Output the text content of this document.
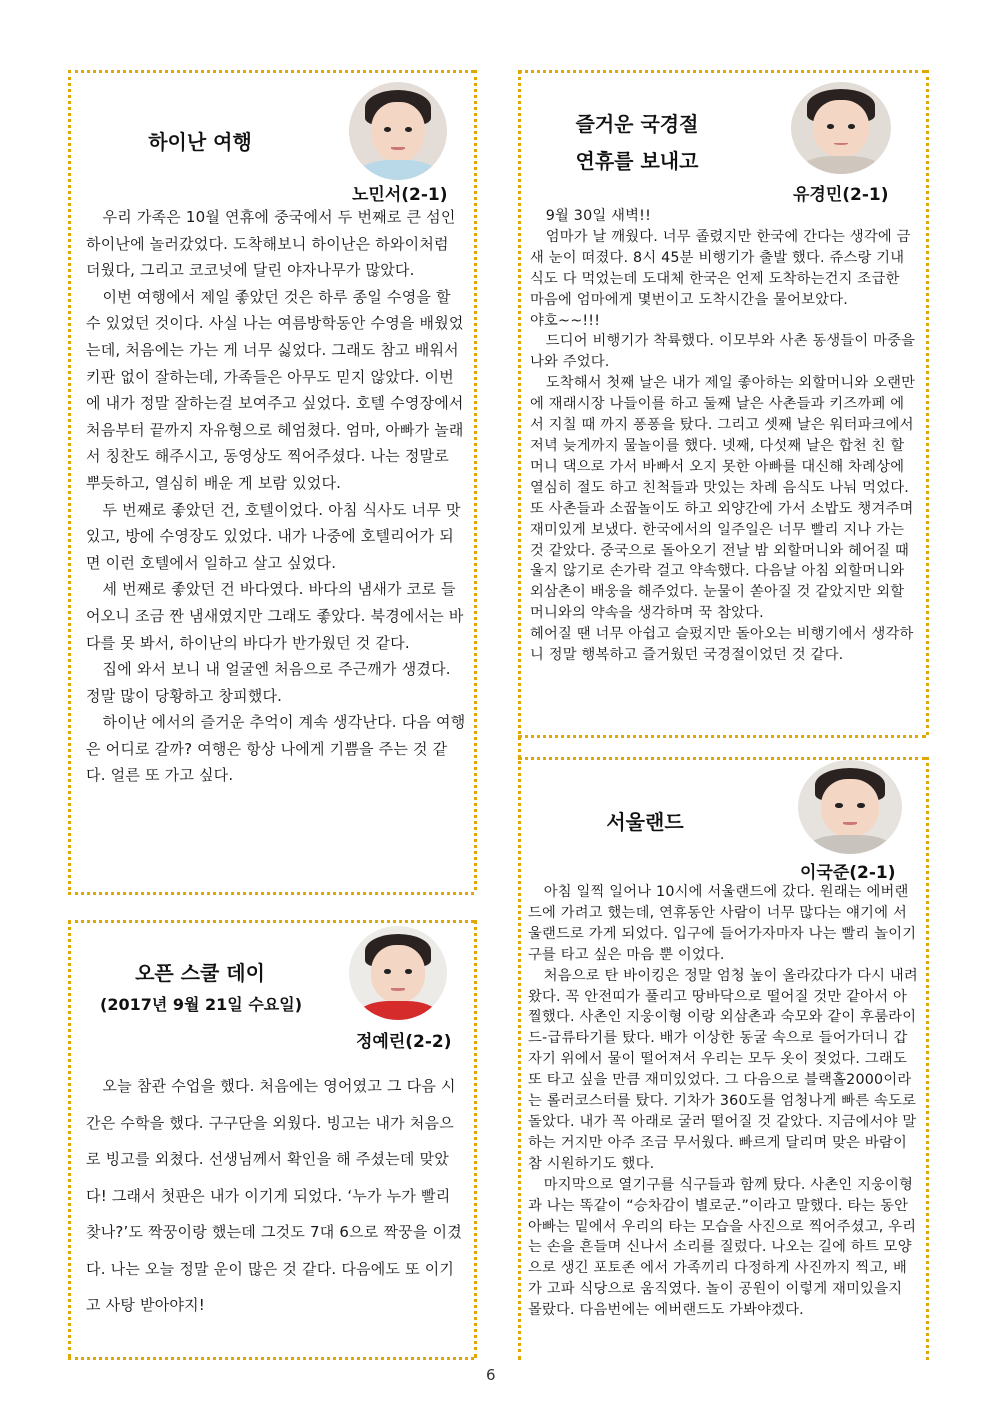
하이난 여행
노민서(2-1)

우리 가족은 10월 연휴에 중국에서 두 번째로 큰 섬인 하이난에 놀러갔었다. 도착해보니 하이난은 하와이처럼 더웠다, 그리고 코코넛에 달린 야자나무가 많았다.

이번 여행에서 제일 좋았던 것은 하루 종일 수영을 할 수 있었던 것이다. 사실 나는 여름방학동안 수영을 배웠었는데, 처음에는 가는 게 너무 싫었다. 그래도 참고 배워서 키판 없이 잘하는데, 가족들은 아무도 믿지 않았다. 이번에 내가 정말 잘하는걸 보여주고 싶었다. 호텔 수영장에서 처음부터 끝까지 자유형으로 헤엄쳤다. 엄마, 아빠가 놀래서 칭찬도 해주시고, 동영상도 찍어주셨다. 나는 정말로 뿌듯하고, 열심히 배운 게 보람 있었다.

두 번째로 좋았던 건, 호텔이었다. 아침 식사도 너무 맛있고, 방에 수영장도 있었다. 내가 나중에 호텔리어가 되면 이런 호텔에서 일하고 살고 싶었다.

세 번째로 좋았던 건 바다였다. 바다의 냄새가 코로 들어오니 조금 짠 냄새였지만 그래도 좋았다. 북경에서는 바다를 못 봐서, 하이난의 바다가 반가웠던 것 같다.

집에 와서 보니 내 얼굴엔 처음으로 주근깨가 생겼다. 정말 많이 당황하고 창피했다.

하이난 에서의 즐거운 추억이 계속 생각난다. 다음 여행은 어디로 갈까? 여행은 항상 나에게 기쁨을 주는 것 같다. 얼른 또 가고 싶다.

즐거운 국경절
연휴를 보내고
유경민(2-1)

9월 30일 새벽!!

엄마가 날 깨웠다. 너무 졸렸지만 한국에 간다는 생각에 금새 눈이 떠졌다. 8시 45분 비행기가 출발 했다. 쥬스랑 기내식도 다 먹었는데 도대체 한국은 언제 도착하는건지 조급한 마음에 엄마에게 몇번이고 도착시간을 물어보았다.

야호~~!!!

드디어 비행기가 착륙했다. 이모부와 사촌 동생들이 마중을 나와 주었다.

도착해서 첫째 날은 내가 제일 좋아하는 외할머니와 오랜만에 재래시장 나들이를 하고 둘째 날은 사촌들과 키즈까페 에서 지칠 때 까지 퐁퐁을 탔다. 그리고 셋째 날은 워터파크에서 저녁 늦게까지 물놀이를 했다. 넷째, 다섯째 날은 합천 친 할머니 댁으로 가서 바빠서 오지 못한 아빠를 대신해 차례상에 열심히 절도 하고 친척들과 맛있는 차례 음식도 나눠 먹었다. 또 사촌들과 소꿉놀이도 하고 외양간에 가서 소밥도 챙겨주며 재미있게 보냈다. 한국에서의 일주일은 너무 빨리 지나 가는 것 같았다. 중국으로 돌아오기 전날 밤 외할머니와 헤어질 때 울지 않기로 손가락 걸고 약속했다. 다음날 아침 외할머니와 외삼촌이 배웅을 해주었다. 눈물이 쏟아질 것 같았지만 외할머니와의 약속을 생각하며 꾹 참았다.

헤어질 땐 너무 아쉽고 슬펐지만 돌아오는 비행기에서 생각하니 정말 행복하고 즐거웠던 국경절이었던 것 같다.

오픈 스쿨 데이
(2017년 9월 21일 수요일)
정예린(2-2)

오늘 참관 수업을 했다. 처음에는 영어였고 그 다음 시간은 수학을 했다. 구구단을 외웠다. 빙고는 내가 처음으로 빙고를 외쳤다. 선생님께서 확인을 해 주셨는데 맞았다! 그래서 첫판은 내가 이기게 되었다. ‘누가 누가 빨리 찾나?’도 짝꿍이랑 했는데 그것도 7대 6으로 짝꿍을 이겼다. 나는 오늘 정말 운이 많은 것 같다. 다음에도 또 이기고 사탕 받아야지!

서울랜드
이국준(2-1)

아침 일찍 일어나 10시에 서울랜드에 갔다. 원래는 에버랜드에 가려고 했는데, 연휴동안 사람이 너무 많다는 얘기에 서울랜드로 가게 되었다. 입구에 들어가자마자 나는 빨리 놀이기구를 타고 싶은 마음 뿐 이었다.

처음으로 탄 바이킹은 정말 엄청 높이 올라갔다가 다시 내려왔다. 꼭 안전띠가 풀리고 땅바닥으로 떨어질 것만 같아서 아찔했다. 사촌인 지웅이형 이랑 외삼촌과 숙모와 같이 후룸라이드-급류타기를 탔다. 배가 이상한 동굴 속으로 들어가더니 갑자기 위에서 물이 떨어져서 우리는 모두 옷이 젖었다. 그래도 또 타고 싶을 만큼 재미있었다. 그 다음으로 블랙홀2000이라는 롤러코스터를 탔다. 기차가 360도를 엄청나게 빠른 속도로 돌았다. 내가 꼭 아래로 굴러 떨어질 것 같았다. 지금에서야 말하는 거지만 아주 조금 무서웠다. 빠르게 달리며 맞은 바람이 참 시원하기도 했다.

마지막으로 열기구를 식구들과 함께 탔다. 사촌인 지웅이형과 나는 똑같이 “승차감이 별로군.”이라고 말했다. 타는 동안 아빠는 밑에서 우리의 타는 모습을 사진으로 찍어주셨고, 우리는 손을 흔들며 신나서 소리를 질렀다. 나오는 길에 하트 모양으로 생긴 포토존 에서 가족끼리 다정하게 사진까지 찍고, 배가 고파 식당으로 움직였다. 놀이 공원이 이렇게 재미있을지 몰랐다. 다음번에는 에버랜드도 가봐야겠다.

6
